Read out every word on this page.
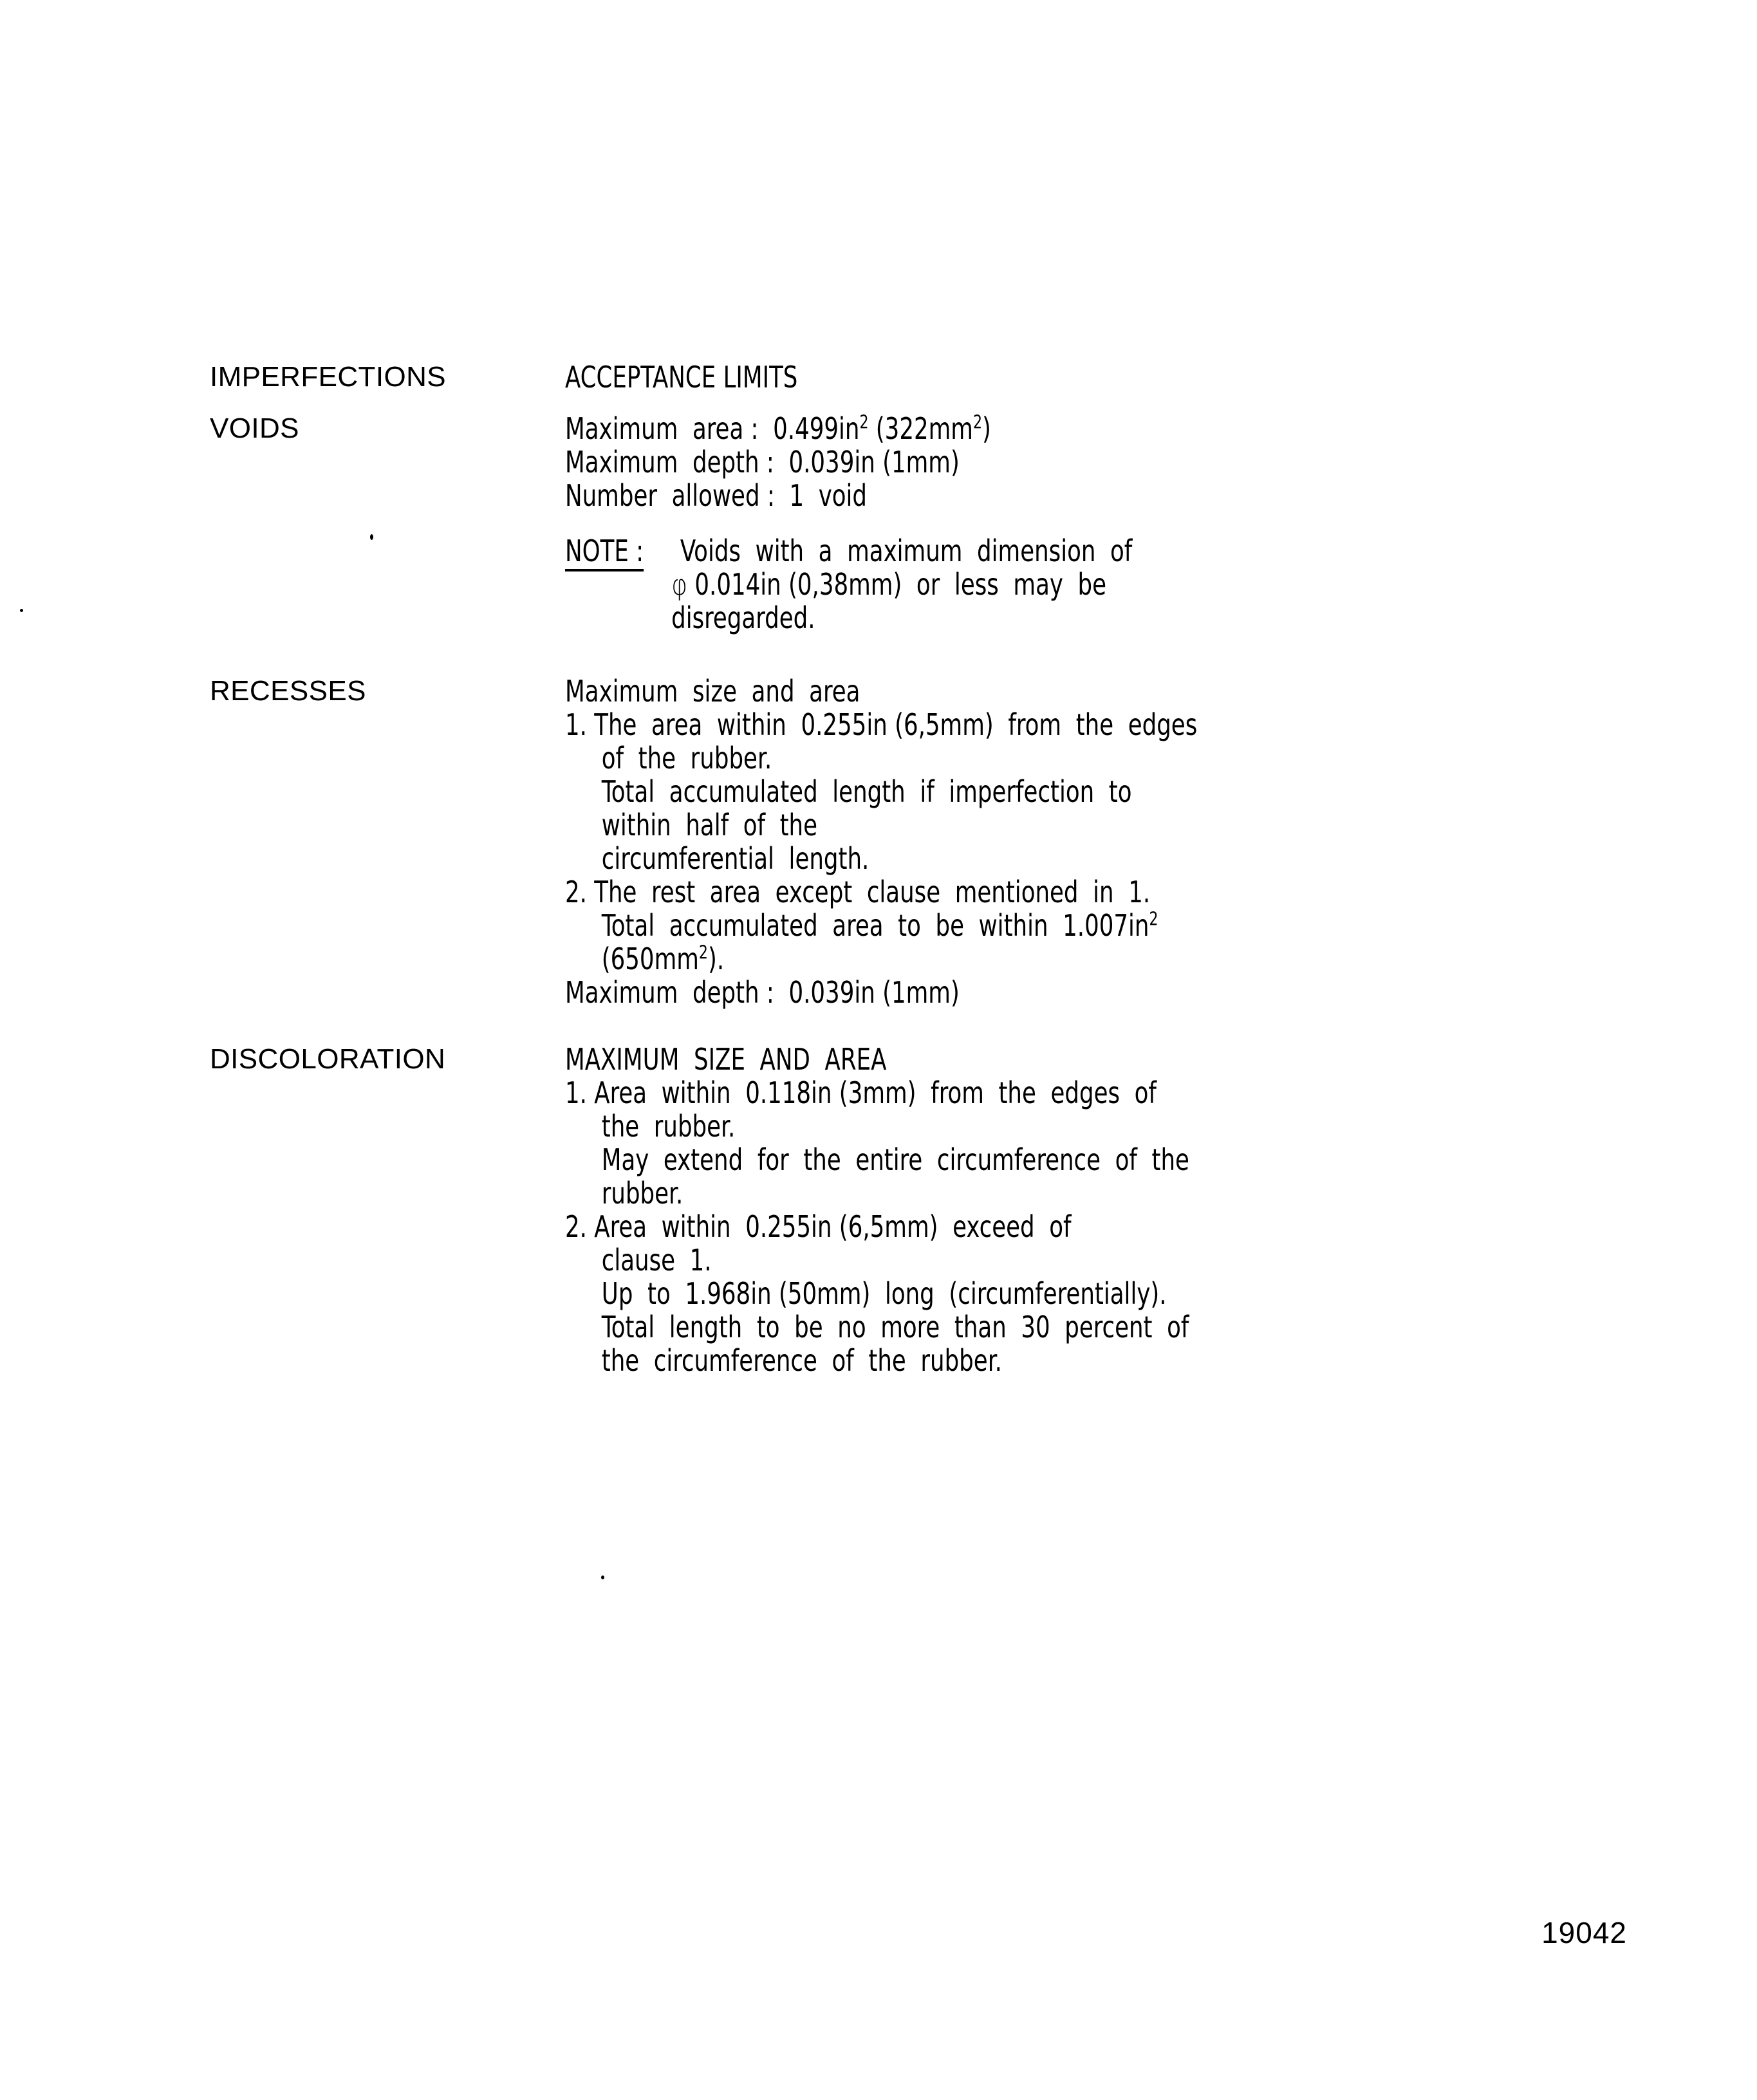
IMPERFECTIONS	ACCEPTANCE LIMITS
VOIDS	Maximum  area :  $0.499in^2$ $(322mm^2)$
Maximum  depth :  0.039in (1mm)
Number  allowed :  1  void
NOTE : Voids  with  a  maximum  dimension  of
φ 0.014in (0,38mm)  or  less  may  be
disregarded.
RECESSES	Maximum  size  and  area
1. The  area  within  0.255in (6,5mm)  from  the  edges
of  the  rubber.
Total  accumulated  length  if  imperfection  to
within  half  of  the
circumferential  length.
2. The  rest  area  except  clause  mentioned  in  1.
Total  accumulated  area  to  be  within  $1.007in^2$
$(650mm^2)$.
Maximum  depth :  0.039in (1mm)
DISCOLORATION	MAXIMUM  SIZE  AND  AREA
1. Area  within  0.118in (3mm)  from  the  edges  of
the  rubber.
May  extend  for  the  entire  circumference  of  the
rubber.
2. Area  within  0.255in (6,5mm)  exceed  of
clause  1.
Up  to  1.968in (50mm)  long  (circumferentially).
Total  length  to  be  no  more  than  30  percent  of
the  circumference  of  the  rubber.
19042
